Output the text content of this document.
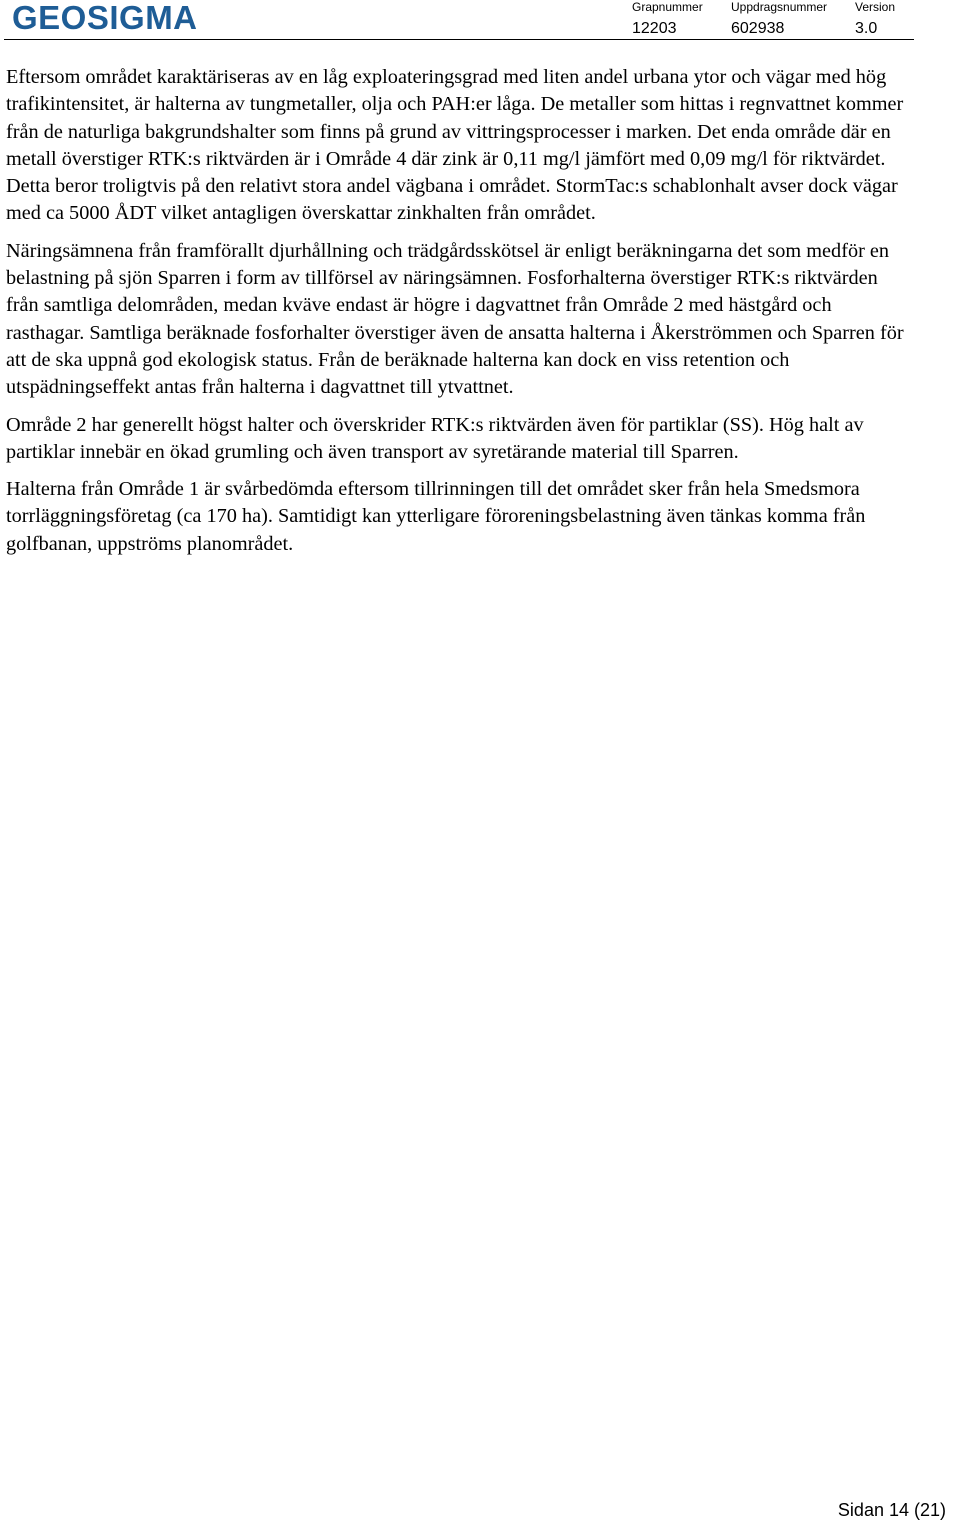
GEOSIGMA	Grapnummer
12203
Uppdragsnummer
602938
Version
3.0

Eftersom området karaktäriseras av en låg exploateringsgrad med liten andel urbana ytor och vägar med hög trafikintensitet, är halterna av tungmetaller, olja och PAH:er låga. De metaller som hittas i regnvattnet kommer från de naturliga bakgrundshalter som finns på grund av vittringsprocesser i marken. Det enda område där en metall överstiger RTK:s riktvärden är i Område 4 där zink är 0,11 mg/l jämfört med 0,09 mg/l för riktvärdet. Detta beror troligtvis på den relativt stora andel vägbana i området. StormTac:s schablonhalt avser dock vägar med ca 5000 ÅDT vilket antagligen överskattar zinkhalten från området.

Näringsämnena från framförallt djurhållning och trädgårdsskötsel är enligt beräkningarna det som medför en belastning på sjön Sparren i form av tillförsel av näringsämnen. Fosforhalterna överstiger RTK:s riktvärden från samtliga delområden, medan kväve endast är högre i dagvattnet från Område 2 med hästgård och rasthagar. Samtliga beräknade fosforhalter överstiger även de ansatta halterna i Åkerströmmen och Sparren för att de ska uppnå god ekologisk status. Från de beräknade halterna kan dock en viss retention och utspädningseffekt antas från halterna i dagvattnet till ytvattnet.

Område 2 har generellt högst halter och överskrider RTK:s riktvärden även för partiklar (SS). Hög halt av partiklar innebär en ökad grumling och även transport av syretärande material till Sparren.

Halterna från Område 1 är svårbedömda eftersom tillrinningen till det området sker från hela Smedsmora torrläggningsföretag (ca 170 ha). Samtidigt kan ytterligare föroreningsbelastning även tänkas komma från golfbanan, uppströms planområdet.

Sidan 14 (21)
